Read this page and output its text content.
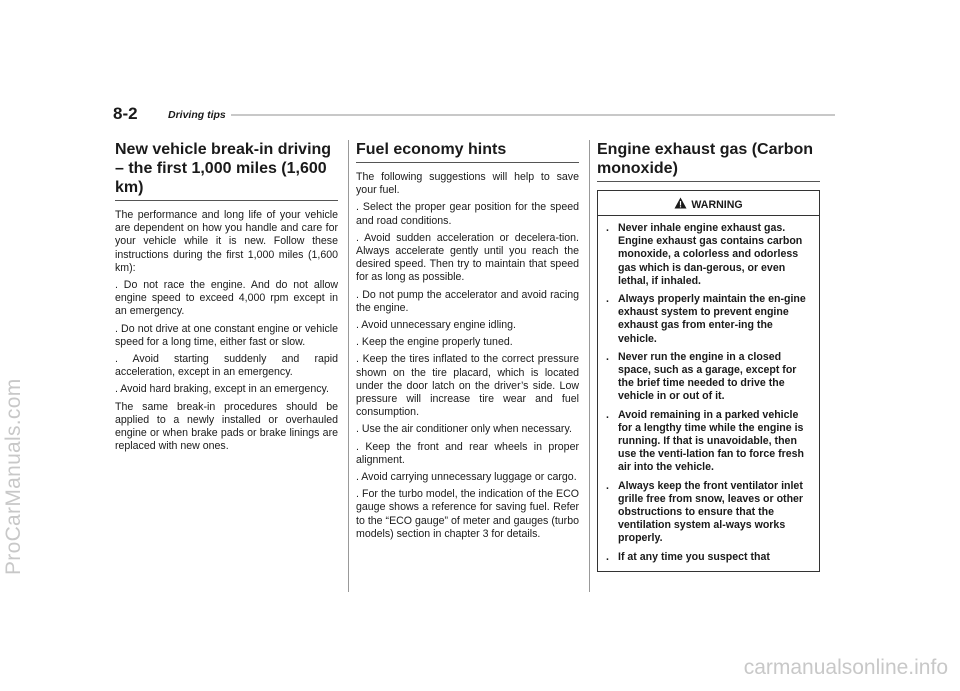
8-2	Driving tips
ProCarManuals.com
carmanualsonline.info
New vehicle break-in driving – the first 1,000 miles (1,600 km)

The performance and long life of your vehicle are dependent on how you handle and care for your vehicle while it is new. Follow these instructions during the first 1,000 miles (1,600 km):

. Do not race the engine. And do not allow engine speed to exceed 4,000 rpm except in an emergency.

. Do not drive at one constant engine or vehicle speed for a long time, either fast or slow.

. Avoid starting suddenly and rapid acceleration, except in an emergency.

. Avoid hard braking, except in an emergency.

The same break-in procedures should be applied to a newly installed or overhauled engine or when brake pads or brake linings are replaced with new ones.

Fuel economy hints

The following suggestions will help to save your fuel.

. Select the proper gear position for the speed and road conditions.

. Avoid sudden acceleration or decelera-tion. Always accelerate gently until you reach the desired speed. Then try to maintain that speed for as long as possible.

. Do not pump the accelerator and avoid racing the engine.

. Avoid unnecessary engine idling.

. Keep the engine properly tuned.

. Keep the tires inflated to the correct pressure shown on the tire placard, which is located under the door latch on the driver’s side. Low pressure will increase tire wear and fuel consumption.

. Use the air conditioner only when necessary.

. Keep the front and rear wheels in proper alignment.

. Avoid carrying unnecessary luggage or cargo.

. For the turbo model, the indication of the ECO gauge shows a reference for saving fuel. Refer to the “ECO gauge” of meter and gauges (turbo models) section in chapter 3 for details.

Engine exhaust gas (Carbon monoxide)
WARNING
. Never inhale engine exhaust gas. Engine exhaust gas contains carbon monoxide, a colorless and odorless gas which is dan-gerous, or even lethal, if inhaled.
. Always properly maintain the en-gine exhaust system to prevent engine exhaust gas from enter-ing the vehicle.
. Never run the engine in a closed space, such as a garage, except for the brief time needed to drive the vehicle in or out of it.
. Avoid remaining in a parked vehicle for a lengthy time while the engine is running. If that is unavoidable, then use the venti-lation fan to force fresh air into the vehicle.
. Always keep the front ventilator inlet grille free from snow, leaves or other obstructions to ensure that the ventilation system al-ways works properly.
. If at any time you suspect that
